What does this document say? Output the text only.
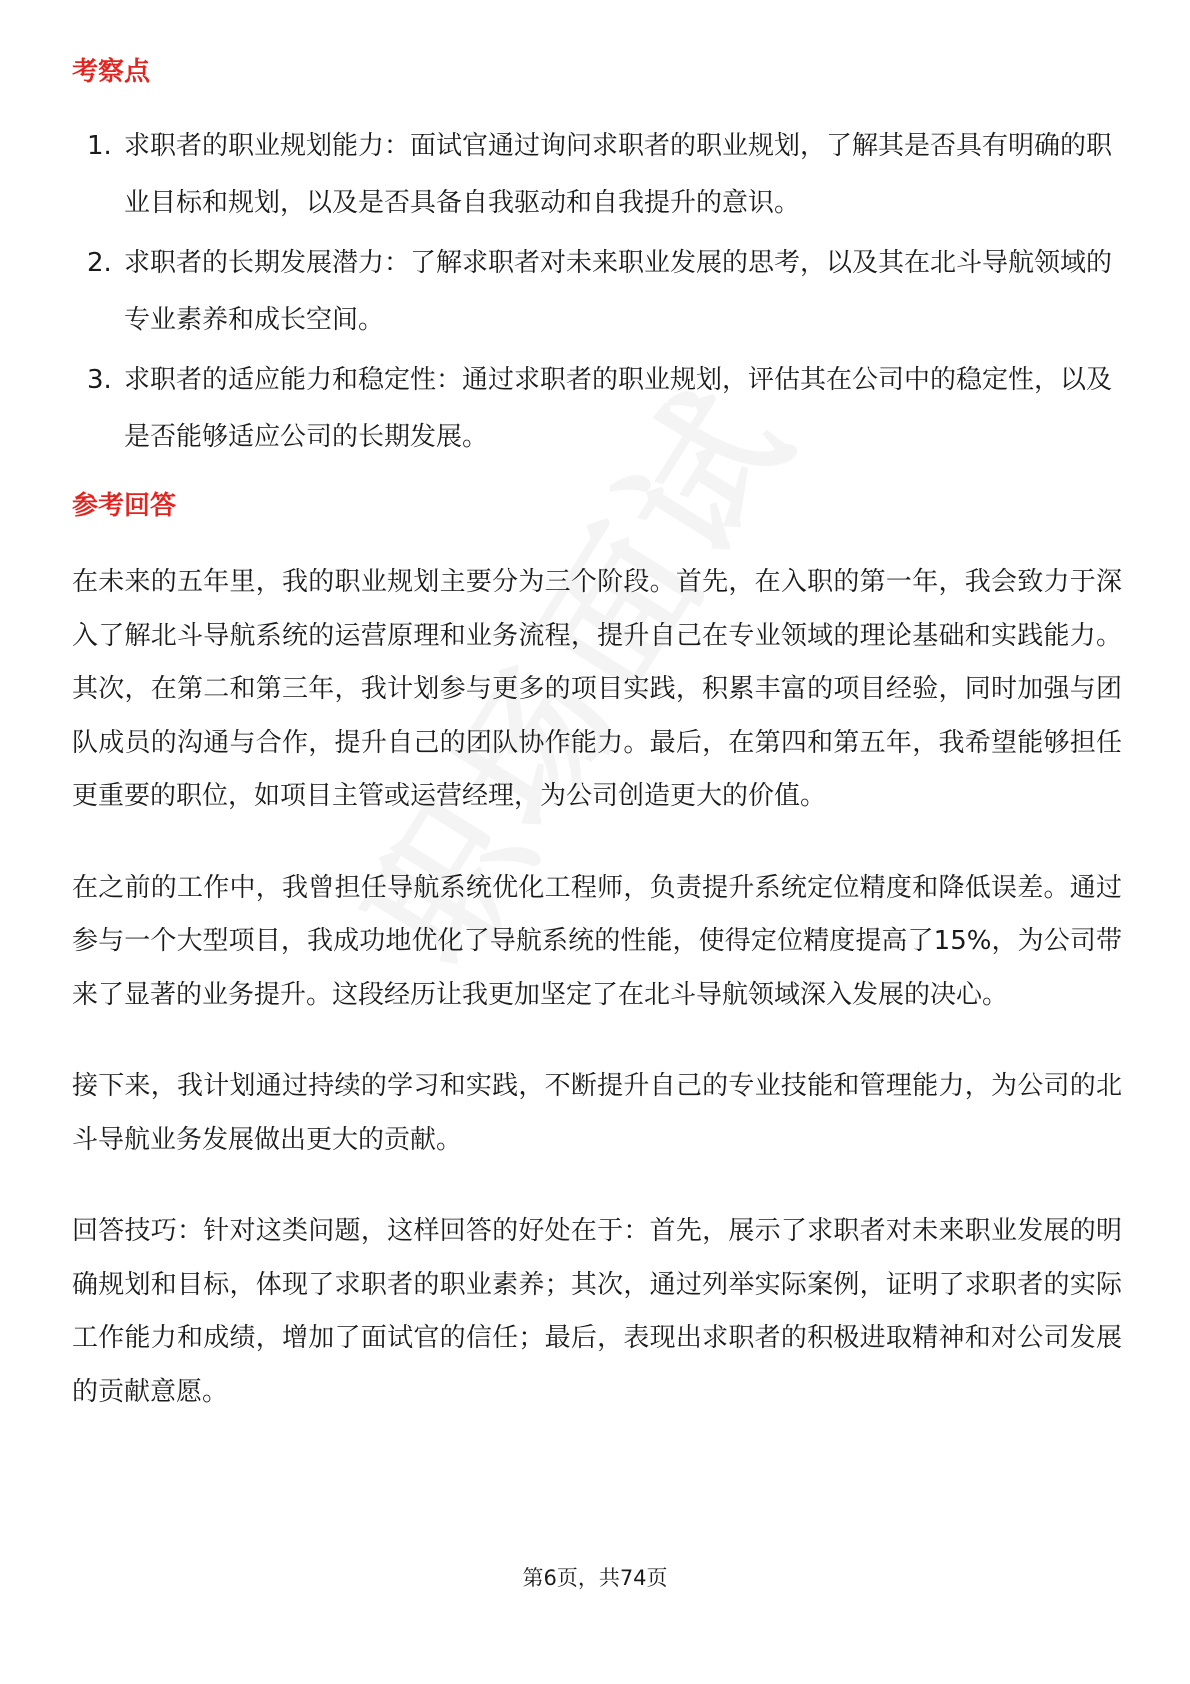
考察点
1. 求职者的职业规划能力：面试官通过询问求职者的职业规划，了解其是否具有明确的职业目标和规划，以及是否具备自我驱动和自我提升的意识。
2. 求职者的长期发展潜力：了解求职者对未来职业发展的思考，以及其在北斗导航领域的专业素养和成长空间。
3. 求职者的适应能力和稳定性：通过求职者的职业规划，评估其在公司中的稳定性，以及是否能够适应公司的长期发展。
参考回答

在未来的五年里，我的职业规划主要分为三个阶段。首先，在入职的第一年，我会致力于深入了解北斗导航系统的运营原理和业务流程，提升自己在专业领域的理论基础和实践能力。其次，在第二和第三年，我计划参与更多的项目实践，积累丰富的项目经验，同时加强与团队成员的沟通与合作，提升自己的团队协作能力。最后，在第四和第五年，我希望能够担任更重要的职位，如项目主管或运营经理，为公司创造更大的价值。

在之前的工作中，我曾担任导航系统优化工程师，负责提升系统定位精度和降低误差。通过参与一个大型项目，我成功地优化了导航系统的性能，使得定位精度提高了15%，为公司带来了显著的业务提升。这段经历让我更加坚定了在北斗导航领域深入发展的决心。

接下来，我计划通过持续的学习和实践，不断提升自己的专业技能和管理能力，为公司的北斗导航业务发展做出更大的贡献。

回答技巧：针对这类问题，这样回答的好处在于：首先，展示了求职者对未来职业发展的明确规划和目标，体现了求职者的职业素养；其次，通过列举实际案例，证明了求职者的实际工作能力和成绩，增加了面试官的信任；最后，表现出求职者的积极进取精神和对公司发展的贡献意愿。

第6页，共74页
